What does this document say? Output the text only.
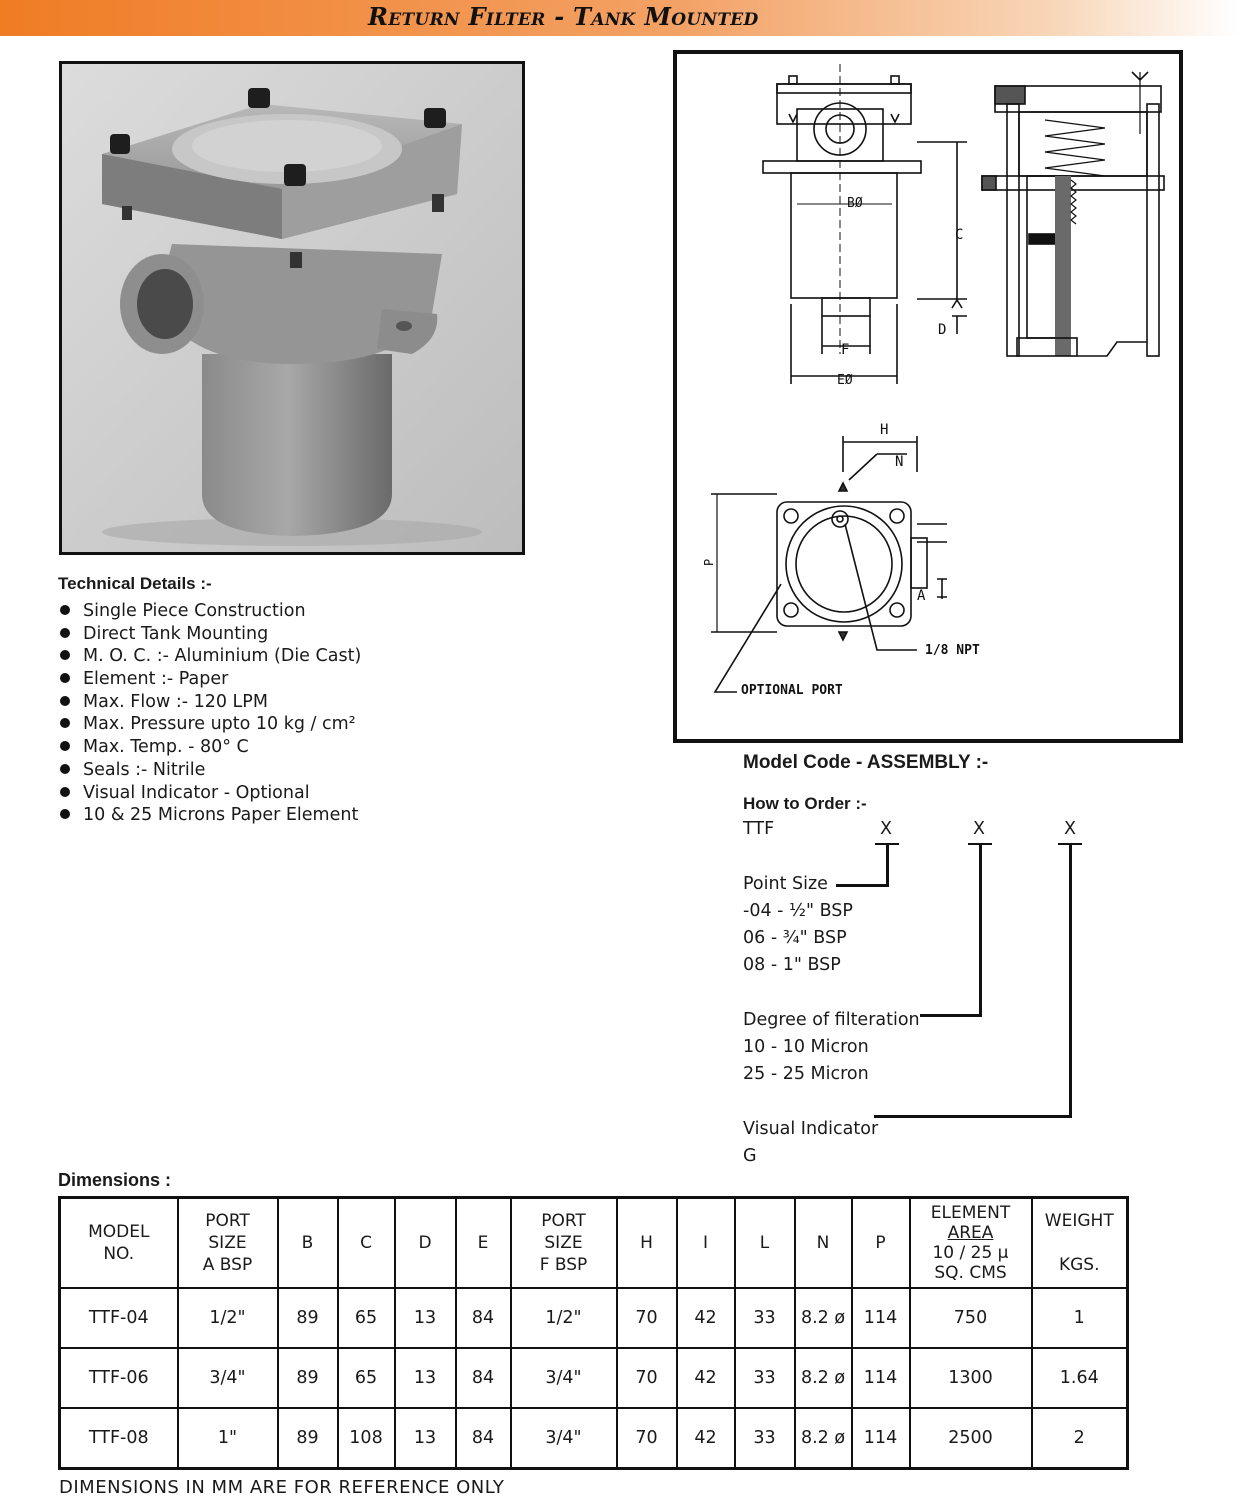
Return Filter - Tank Mounted
BØ
C
D
F
EØ
H
N
P
A
1/8 NPT
OPTIONAL PORT
Technical Details :-
Single Piece Construction
Direct Tank Mounting
M. O. C. :- Aluminium (Die Cast)
Element :- Paper
Max. Flow :- 120 LPM
Max. Pressure upto 10 kg / cm²
Max. Temp. - 80° C
Seals :- Nitrile
Visual Indicator - Optional
10 & 25 Microns Paper Element
Model Code - ASSEMBLY :-
How to Order :-
TTF	X	X	X
Point Size
-04 - ½" BSP
06 - ¾" BSP
08 - 1" BSP
Degree of filteration
10 - 10 Micron
25 - 25 Micron
Visual Indicator
G
Dimensions :
MODEL
NO.	PORT
SIZE
A BSP	B	C	D	E	PORT
SIZE
F BSP	H	I	L	N	P	ELEMENT
AREA
10 / 25 µ
SQ. CMS	WEIGHT
KGS.
TTF-04	1/2"	89	65	13	84	1/2"	70	42	33	8.2 ø	114	750	1
TTF-06	3/4"	89	65	13	84	3/4"	70	42	33	8.2 ø	114	1300	1.64
TTF-08	1"	89	108	13	84	3/4"	70	42	33	8.2 ø	114	2500	2
DIMENSIONS IN MM ARE FOR REFERENCE ONLY
